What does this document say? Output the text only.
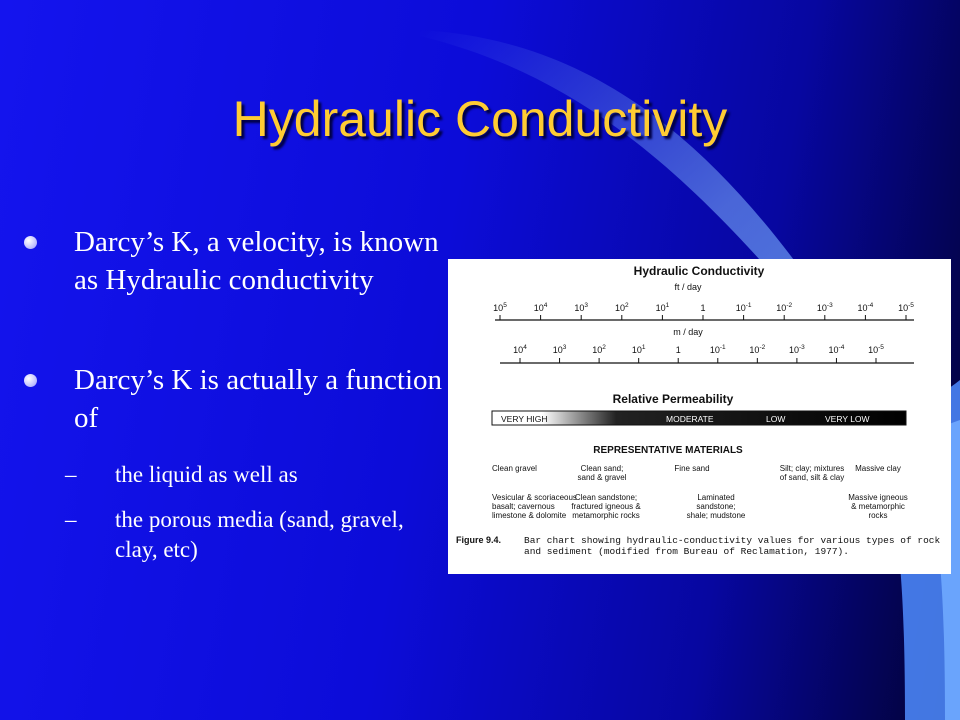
Hydraulic Conductivity
Darcy’s K, a velocity, is known as Hydraulic conductivity
Darcy’s K is actually a function of
– the liquid as well as
– the porous media (sand, gravel, clay, etc)
Hydraulic Conductivity
ft / day
$10^5$	$10^4$	$10^3$	$10^2$	$10^1$	1	$10^{-1}$	$10^{-2}$	$10^{-3}$	$10^{-4}$	$10^{-5}$
m / day
$10^4$	$10^3$	$10^2$	$10^1$	1	$10^{-1}$	$10^{-2}$	$10^{-3}$	$10^{-4}$	$10^{-5}$
Relative Permeability
VERY HIGH	MODERATE	LOW	VERY LOW
REPRESENTATIVE MATERIALS
Clean gravel	Clean sand; sand & gravel
Fine sand	Silt; clay; mixtures of sand, silt & clay
Massive clay
Vesicular & scoriaceous basalt; cavernous limestone & dolomite
Clean sandstone; fractured igneous & metamorphic rocks
Laminated sandstone; shale; mudstone
Massive igneous & metamorphic rocks
Figure 9.4. Bar chart showing hydraulic-conductivity values for various types of rock
and sediment (modified from Bureau of Reclamation, 1977).
